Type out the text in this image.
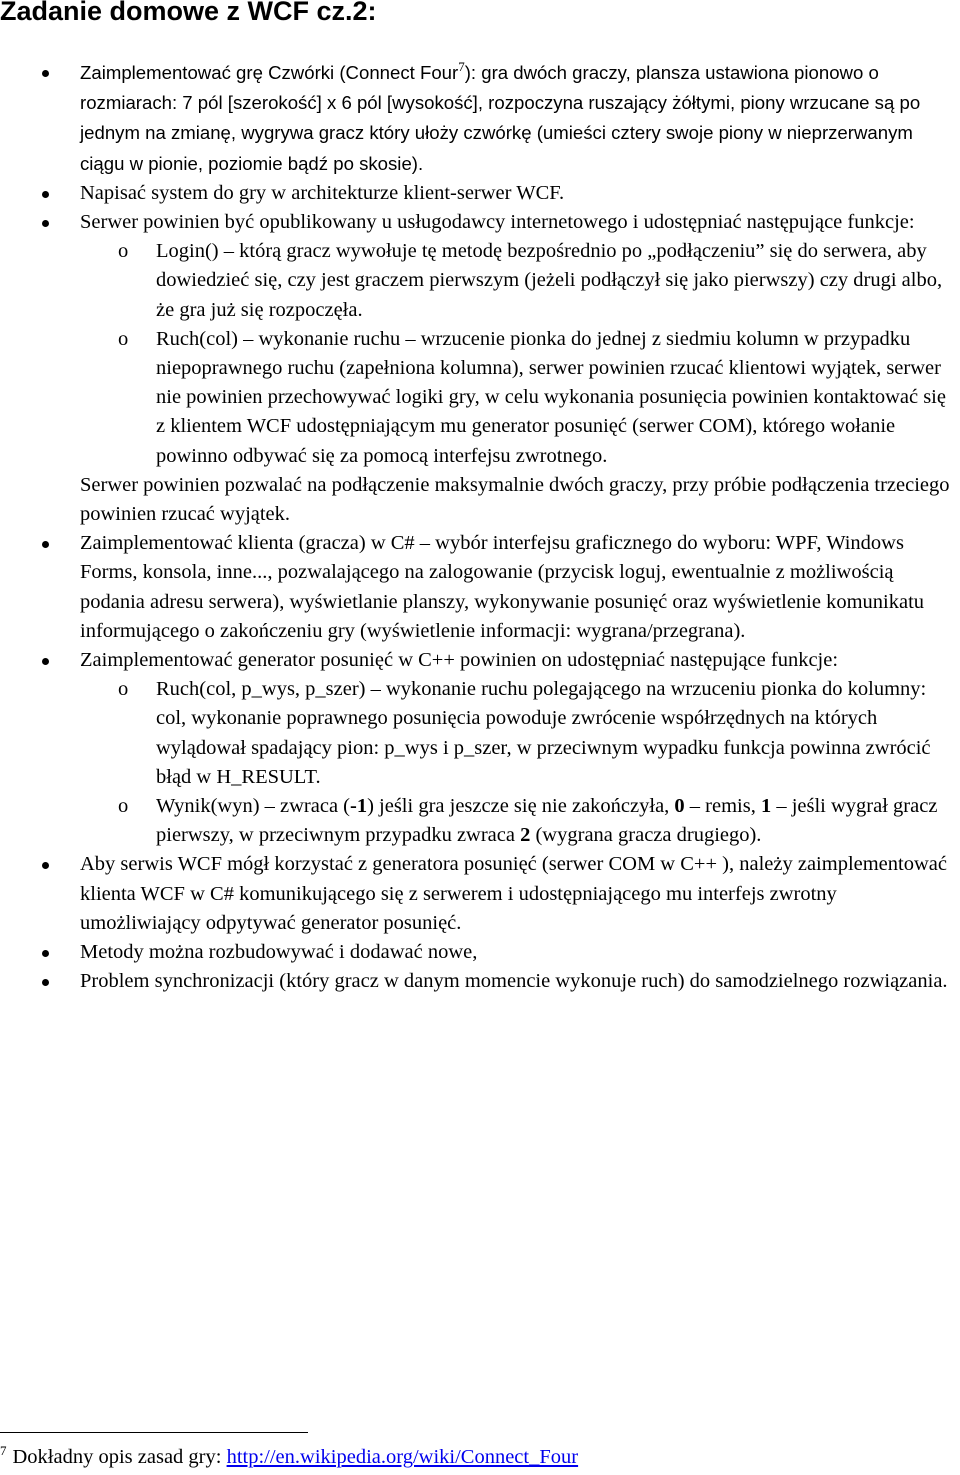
Zadanie domowe z WCF cz.2:
Zaimplementować grę Czwórki (Connect Four$^7$): gra dwóch graczy, plansza ustawiona pionowo o rozmiarach: 7 pól [szerokość] x 6 pól [wysokość], rozpoczyna ruszający żółtymi, piony wrzucane są po jednym na zmianę, wygrywa gracz który ułoży czwórkę (umieści cztery swoje piony w nieprzerwanym ciągu w pionie, poziomie bądź po skosie).
Napisać system do gry w architekturze klient-serwer WCF.
Serwer powinien być opublikowany u usługodawcy internetowego i udostępniać następujące funkcje:
o Login() – którą gracz wywołuje tę metodę bezpośrednio po „podłączeniu” się do serwera, aby dowiedzieć się, czy jest graczem pierwszym (jeżeli podłączył się jako pierwszy) czy drugi albo, że gra już się rozpoczęła.
o Ruch(col) – wykonanie ruchu – wrzucenie pionka do jednej z siedmiu kolumn w przypadku niepoprawnego ruchu (zapełniona kolumna), serwer powinien rzucać klientowi wyjątek, serwer nie powinien przechowywać logiki gry, w celu wykonania posunięcia powinien kontaktować się z klientem WCF udostępniającym mu generator posunięć (serwer COM), którego wołanie powinno odbywać się za pomocą interfejsu zwrotnego.
Serwer powinien pozwalać na podłączenie maksymalnie dwóch graczy, przy próbie podłączenia trzeciego powinien rzucać wyjątek.
Zaimplementować klienta (gracza) w C# – wybór interfejsu graficznego do wyboru: WPF, Windows Forms, konsola, inne..., pozwalającego na zalogowanie (przycisk loguj, ewentualnie z możliwością podania adresu serwera), wyświetlanie planszy, wykonywanie posunięć oraz wyświetlenie komunikatu informującego o zakończeniu gry (wyświetlenie informacji: wygrana/przegrana).
Zaimplementować generator posunięć w C++ powinien on udostępniać następujące funkcje:
o Ruch(col, p_wys, p_szer) – wykonanie ruchu polegającego na wrzuceniu pionka do kolumny: col, wykonanie poprawnego posunięcia powoduje zwrócenie współrzędnych na których wylądował spadający pion: p_wys i p_szer, w przeciwnym wypadku funkcja powinna zwrócić błąd w H_RESULT.
o Wynik(wyn) – zwraca (-1) jeśli gra jeszcze się nie zakończyła, 0 – remis, 1 – jeśli wygrał gracz pierwszy, w przeciwnym przypadku zwraca 2 (wygrana gracza drugiego).
Aby serwis WCF mógł korzystać z generatora posunięć (serwer COM w C++ ), należy zaimplementować klienta WCF w C# komunikującego się z serwerem i udostępniającego mu interfejs zwrotny umożliwiający odpytywać generator posunięć.
Metody można rozbudowywać i dodawać nowe,
Problem synchronizacji (który gracz w danym momencie wykonuje ruch) do samodzielnego rozwiązania.
$^7$ Dokładny opis zasad gry: http://en.wikipedia.org/wiki/Connect_Four
